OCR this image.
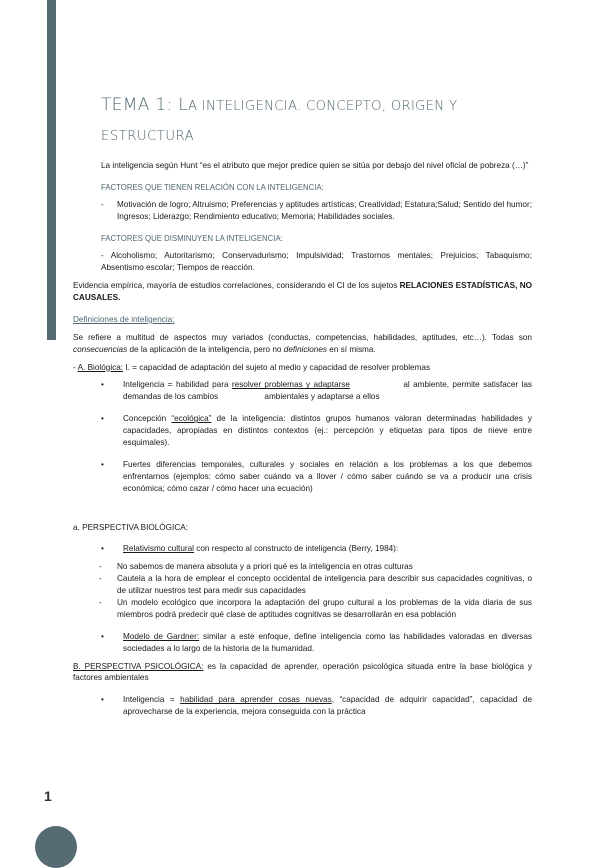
TEMA 1: LA INTELIGENCIA. CONCEPTO, ORIGEN Y
ESTRUCTURA

La inteligencia según Hunt “es el atributo que mejor predice quien se sitúa por debajo del nivel oficial de pobreza (…)”

FACTORES QUE TIENEN RELACIÓN CON LA INTELIGENCIA:

-	Motivación de logro; Altruismo; Preferencias y aptitudes artísticas; Creatividad; Estatura;Salud; Sentido del humor; Ingresos; Liderazgo; Rendimiento educativo; Memoria; Habilidades sociales.

FACTORES QUE DISMINUYEN LA INTELIGENCIA:

- Alcoholismo; Autoritarismo; Conservadurismo; Impulsividad; Trastornos mentales; Prejuicios; Tabaquismo; Absentismo escolar; Tiempos de reacción.

Evidencia empírica, mayoría de estudios correlaciones, considerando el CI de los sujetos RELACIONES ESTADÍSTICAS, NO CAUSALES.

Definiciones de inteligencia:

Se refiere a multitud de aspectos muy variados (conductas, competencias, habilidades, aptitudes, etc…). Todas son consecuencias de la aplicación de la inteligencia, pero no definiciones en sí misma.

- A. Biológica: I. = capacidad de adaptación del sujeto al medio y capacidad de resolver problemas

•	Inteligencia = habilidad para resolver problemas y adaptarse	al ambiente, permite satisfacer las demandas de los cambios	ambientales y adaptarse a ellos
•	Concepción “ecológica” de la inteligencia: distintos grupos humanos valoran determinadas habilidades y capacidades, apropiadas en distintos contextos (ej.: percepción y etiquetas para tipos de nieve entre esquimales).
•	Fuertes diferencias temporales, culturales y sociales en relación a los problemas a los que debemos enfrentarnos (ejemplos: cómo saber cuándo va a llover / cómo saber cuándo se va a producir una crisis económica; cómo cazar / cómo hacer una ecuación)

a. PERSPECTIVA BIOLÓGICA:

•	Relativismo cultural con respecto al constructo de inteligencia (Berry, 1984):
-	No sabemos de manera absoluta y a priori qué es la inteligencia en otras culturas
-	Cautela a la hora de emplear el concepto occidental de inteligencia para describir sus capacidades cognitivas, o de utilizar nuestros test para medir sus capacidades
-	Un modelo ecológico que incorpora la adaptación del grupo cultural a los problemas de la vida diaria de sus miembros podrá predecir qué clase de aptitudes cognitivas se desarrollarán en esa población
•	Modelo de Gardner: similar a este enfoque, define inteligencia como las habilidades valoradas en diversas sociedades a lo largo de la historia de la humanidad.

B. PERSPECTIVA PSICOLÓGICA: es la capacidad de aprender, operación psicológica situada entre la base biológica y factores ambientales

•	Inteligencia = habilidad para aprender cosas nuevas, “capacidad de adquirir capacidad”, capacidad de aprovecharse de la experiencia, mejora conseguida con la práctica
1
